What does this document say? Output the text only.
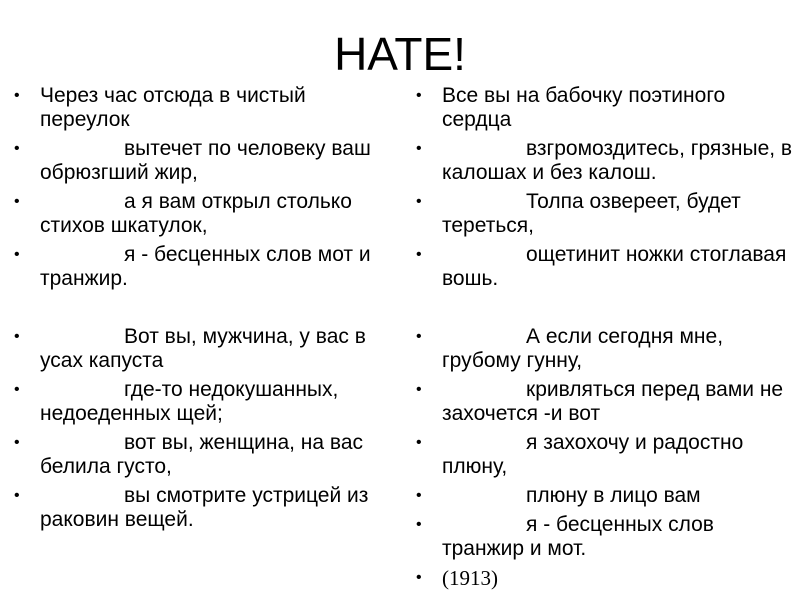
НАТЕ!
• Через час отсюда в чистый переулок
•	вытечет по человеку ваш обрюзгший жир,
•	а я вам открыл столько стихов шкатулок,
•	я - бесценных слов мот и транжир.
•	Вот вы, мужчина, у вас в усах капуста
•	где-то недокушанных, недоеденных щей;
•	вот вы, женщина, на вас белила густо,
•	вы смотрите устрицей из раковин вещей.
• Все вы на бабочку поэтиного сердца
•	взгромоздитесь, грязные, в калошах и без калош.
•	Толпа озвереет, будет тереться,
•	ощетинит ножки стоглавая вошь.
•	А если сегодня мне, грубому гунну,
•	кривляться перед вами не захочется -и вот
•	я захохочу и радостно плюну,
•	плюну в лицо вам
•	я - бесценных слов транжир и мот.
• (1913)
